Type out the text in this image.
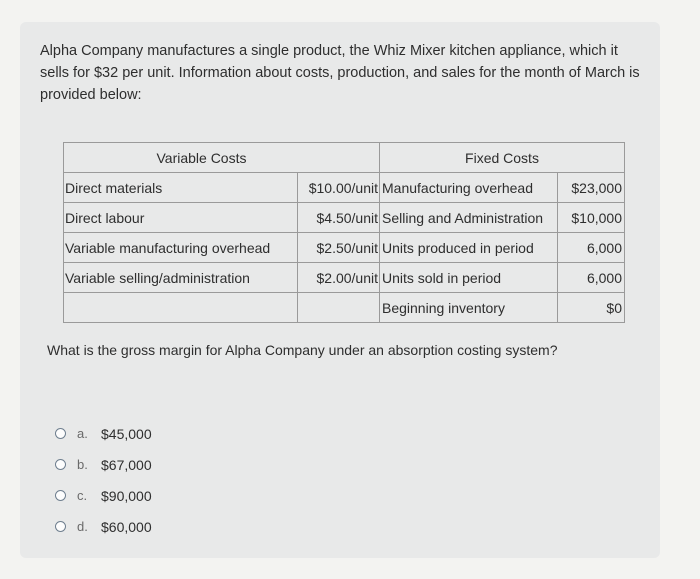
Alpha Company manufactures a single product, the Whiz Mixer kitchen appliance, which it sells for $32 per unit. Information about costs, production, and sales for the month of March is provided below:
Variable Costs		Fixed Costs	
Direct materials	$10.00/unit	Manufacturing overhead	$23,000
Direct labour	$4.50/unit	Selling and Administration	$10,000
Variable manufacturing overhead	$2.50/unit	Units produced in period	6,000
Variable selling/administration	$2.00/unit	Units sold in period	6,000
		Beginning inventory	$0
What is the gross margin for Alpha Company under an absorption costing system?
a. $45,000
b. $67,000
c. $90,000
d. $60,000
